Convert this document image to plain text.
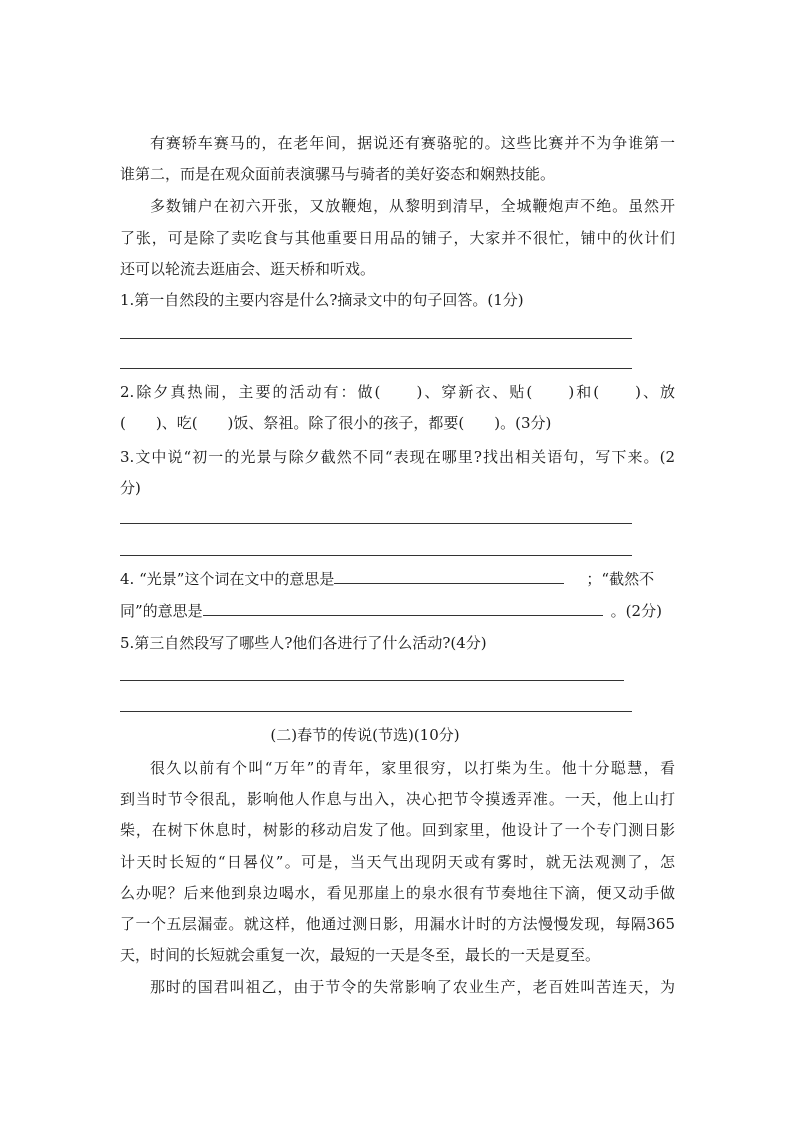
有赛轿车赛马的，在老年间，据说还有赛骆驼的。这些比赛并不为争谁第一
谁第二，而是在观众面前表演骡马与骑者的美好姿态和娴熟技能。
多数铺户在初六开张，又放鞭炮，从黎明到清早，全城鞭炮声不绝。虽然开
了张，可是除了卖吃食与其他重要日用品的铺子，大家并不很忙，铺中的伙计们
还可以轮流去逛庙会、逛天桥和听戏。
1.第一自然段的主要内容是什么?摘录文中的句子回答。(1分)
2.除夕真热闹，主要的活动有：做(　　)、穿新衣、贴(　　)和(　　)、放
(　　)、吃(　　)饭、祭祖。除了很小的孩子，都要(　　)。(3分)
3.文中说“初一的光景与除夕截然不同“表现在哪里?找出相关语句，写下来。(2
分)
4. “光景”这个词在文中的意思是	；“截然不
同”的意思是	。(2分)
5.第三自然段写了哪些人?他们各进行了什么活动?(4分)
(二)春节的传说(节选)(10分)
很久以前有个叫“万年”的青年，家里很穷，以打柴为生。他十分聪慧，看
到当时节令很乱，影响他人作息与出入，决心把节令摸透弄准。一天，他上山打
柴，在树下休息时，树影的移动启发了他。回到家里，他设计了一个专门测日影
计天时长短的“日晷仪”。可是，当天气出现阴天或有雾时，就无法观测了，怎
么办呢？后来他到泉边喝水，看见那崖上的泉水很有节奏地往下滴，便又动手做
了一个五层漏壶。就这样，他通过测日影，用漏水计时的方法慢慢发现，每隔365
天，时间的长短就会重复一次，最短的一天是冬至，最长的一天是夏至。
那时的国君叫祖乙，由于节令的失常影响了农业生产，老百姓叫苦连天，为
